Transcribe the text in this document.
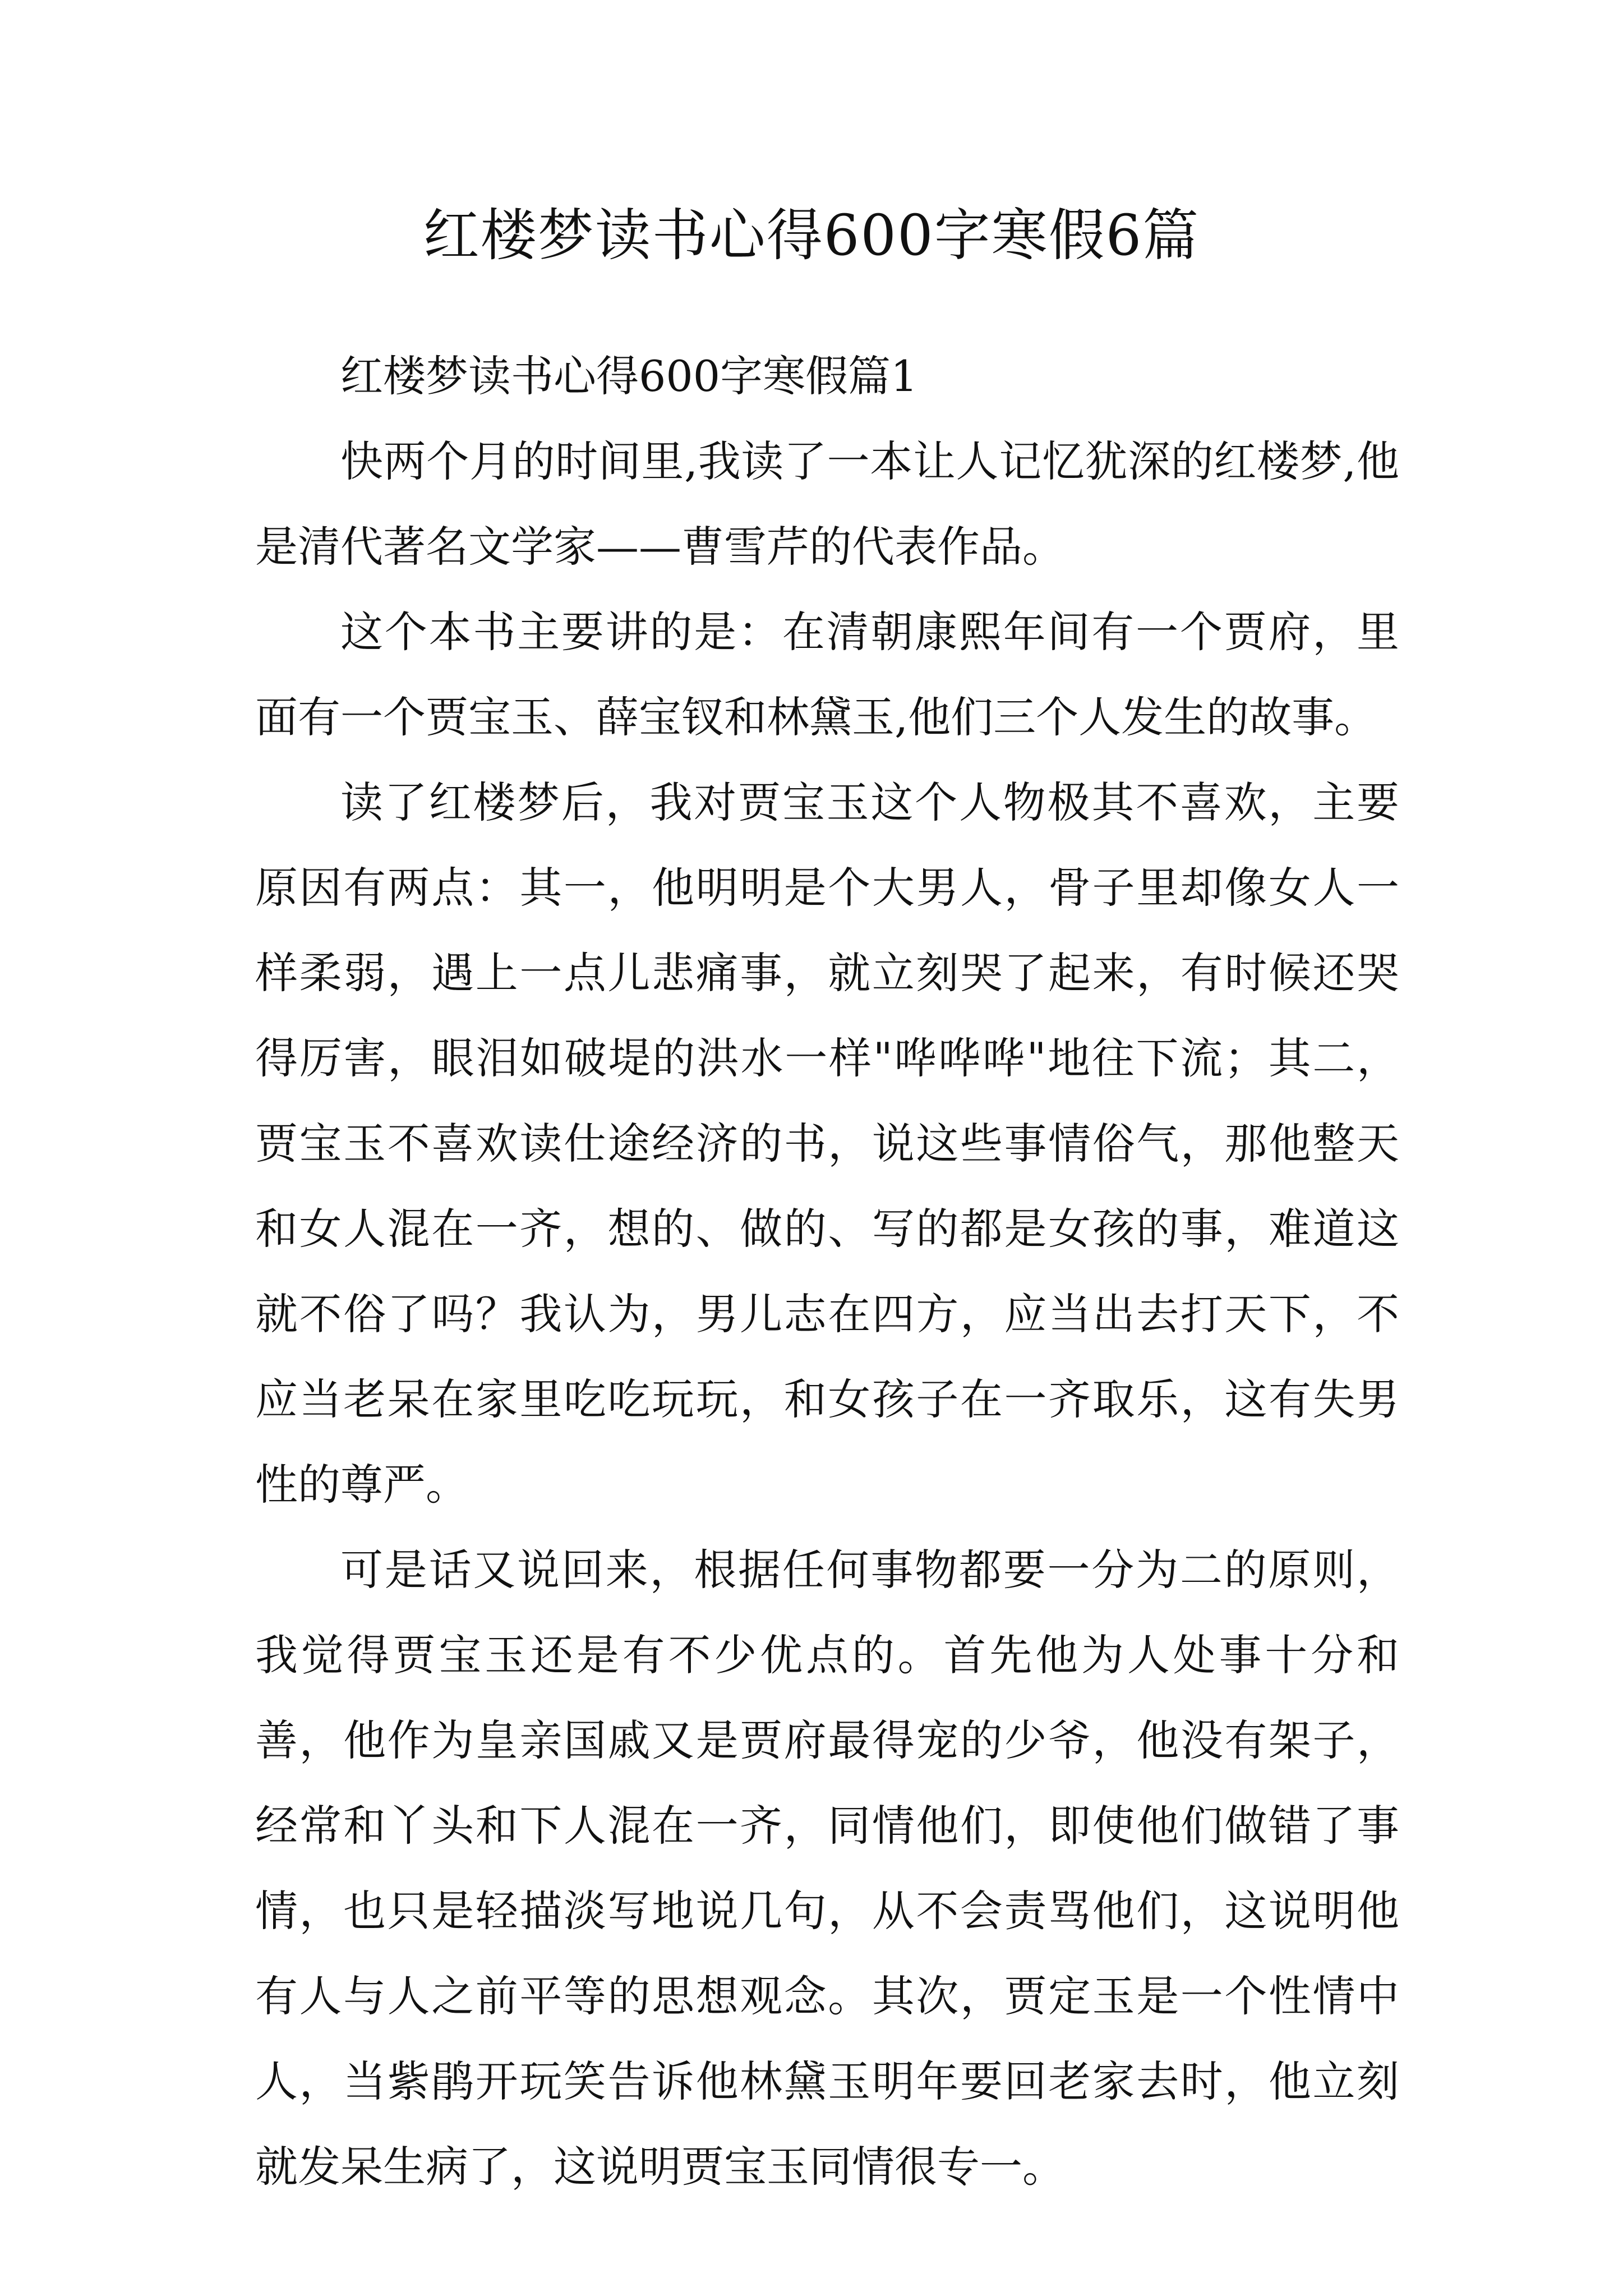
红楼梦读书心得600字寒假6篇

红楼梦读书心得600字寒假篇1

快两个月的时间里,我读了一本让人记忆犹深的红楼梦,他是清代著名文学家——曹雪芹的代表作品。

这个本书主要讲的是：在清朝康熙年间有一个贾府，里面有一个贾宝玉、薛宝钗和林黛玉,他们三个人发生的故事。

读了红楼梦后，我对贾宝玉这个人物极其不喜欢，主要原因有两点：其一，他明明是个大男人，骨子里却像女人一样柔弱，遇上一点儿悲痛事，就立刻哭了起来，有时候还哭得厉害，眼泪如破堤的洪水一样"哗哗哗"地往下流；其二，贾宝玉不喜欢读仕途经济的书，说这些事情俗气，那他整天和女人混在一齐，想的、做的、写的都是女孩的事，难道这就不俗了吗？我认为，男儿志在四方，应当出去打天下，不应当老呆在家里吃吃玩玩，和女孩子在一齐取乐，这有失男性的尊严。

可是话又说回来，根据任何事物都要一分为二的原则，我觉得贾宝玉还是有不少优点的。首先他为人处事十分和善，他作为皇亲国戚又是贾府最得宠的少爷，他没有架子，经常和丫头和下人混在一齐，同情他们，即使他们做错了事情，也只是轻描淡写地说几句，从不会责骂他们，这说明他有人与人之前平等的思想观念。其次，贾定玉是一个性情中人，当紫鹃开玩笑告诉他林黛玉明年要回老家去时，他立刻就发呆生病了，这说明贾宝玉同情很专一。
